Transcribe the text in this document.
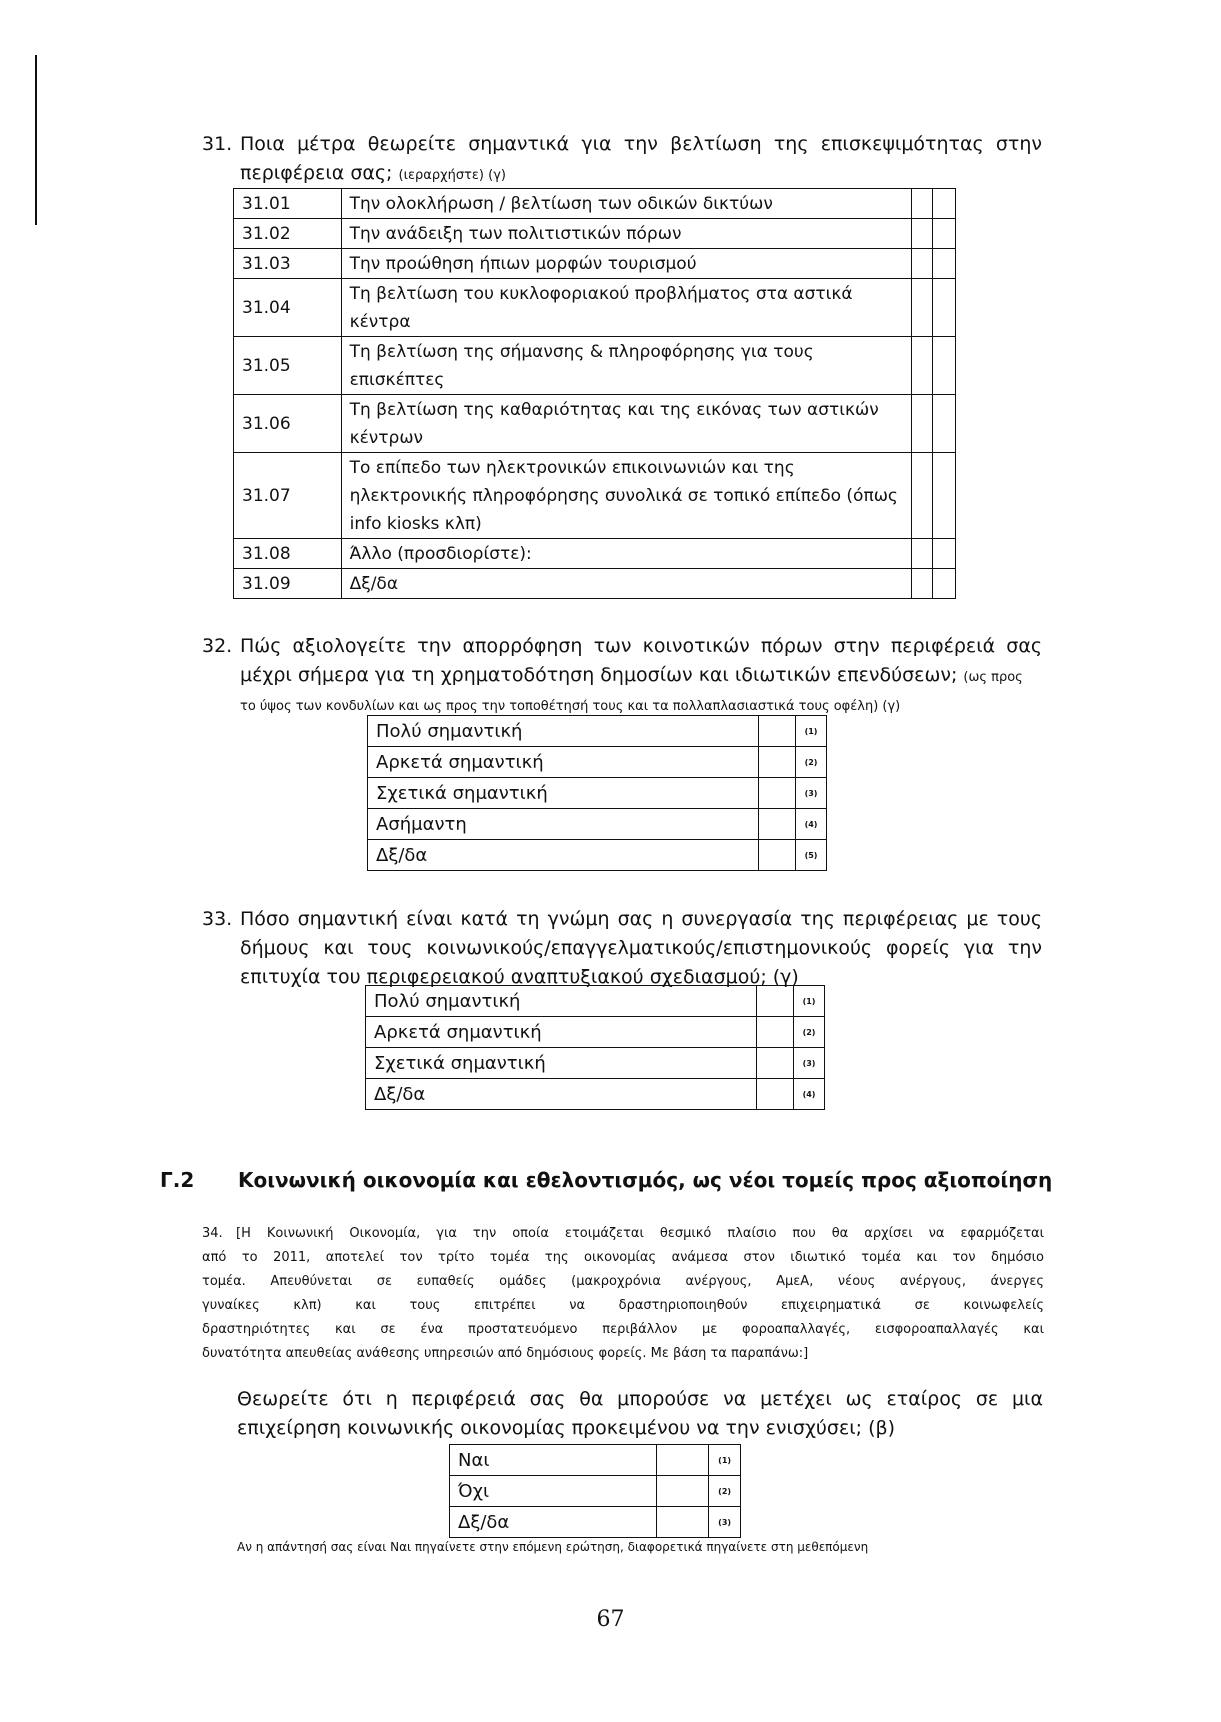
31. Ποια μέτρα θεωρείτε σημαντικά για την βελτίωση της επισκεψιμότητας στην
περιφέρεια σας; (ιεραρχήστε) (γ)
31.01	Την ολοκλήρωση / βελτίωση των οδικών δικτύων		
31.02	Την ανάδειξη των πολιτιστικών πόρων		
31.03	Την προώθηση ήπιων μορφών τουρισμού		
31.04	Τη βελτίωση του κυκλοφοριακού προβλήματος στα αστικά κέντρα		
31.05	Τη βελτίωση της σήμανσης & πληροφόρησης για τους επισκέπτες		
31.06	Τη βελτίωση της καθαριότητας και της εικόνας των αστικών κέντρων		
31.07	Το επίπεδο των ηλεκτρονικών επικοινωνιών και της ηλεκτρονικής πληροφόρησης συνολικά σε τοπικό επίπεδο (όπως info kiosks κλπ)		
31.08	Άλλο (προσδιορίστε):		
31.09	Δξ/δα		
32. Πώς αξιολογείτε την απορρόφηση των κοινοτικών πόρων στην περιφέρειά σας
μέχρι σήμερα για τη χρηματοδότηση δημοσίων και ιδιωτικών επενδύσεων; (ως προς
το ύψος των κονδυλίων και ως προς την τοποθέτησή τους και τα πολλαπλασιαστικά τους οφέλη) (γ)
Πολύ σημαντική		(1)
Αρκετά σημαντική		(2)
Σχετικά σημαντική		(3)
Ασήμαντη		(4)
Δξ/δα		(5)
33. Πόσο σημαντική είναι κατά τη γνώμη σας η συνεργασία της περιφέρειας με τους
δήμους και τους κοινωνικούς/επαγγελματικούς/επιστημονικούς φορείς για την
επιτυχία του περιφερειακού αναπτυξιακού σχεδιασμού; (γ)
Πολύ σημαντική		(1)
Αρκετά σημαντική		(2)
Σχετικά σημαντική		(3)
Δξ/δα		(4)
Γ.2 Κοινωνική οικονομία και εθελοντισμός, ως νέοι τομείς προς αξιοποίηση
34.	[Η Κοινωνική Οικονομία, για την οποία ετοιμάζεται θεσμικό πλαίσιο που θα αρχίσει να εφαρμόζεται
από το 2011, αποτελεί τον τρίτο τομέα της οικονομίας ανάμεσα στον ιδιωτικό τομέα και τον δημόσιο
τομέα. Απευθύνεται σε ευπαθείς ομάδες (μακροχρόνια ανέργους, ΑμεΑ, νέους ανέργους, άνεργες
γυναίκες κλπ) και τους επιτρέπει να δραστηριοποιηθούν επιχειρηματικά σε κοινωφελείς
δραστηριότητες και σε ένα προστατευόμενο περιβάλλον με φοροαπαλλαγές, εισφοροαπαλλαγές και
δυνατότητα απευθείας ανάθεσης υπηρεσιών από δημόσιους φορείς. Με βάση τα παραπάνω:]
Θεωρείτε ότι η περιφέρειά σας θα μπορούσε να μετέχει ως εταίρος σε μια
επιχείρηση κοινωνικής οικονομίας προκειμένου να την ενισχύσει; (β)
Ναι		(1)
Όχι		(2)
Δξ/δα		(3)
Αν η απάντησή σας είναι Ναι πηγαίνετε στην επόμενη ερώτηση, διαφορετικά πηγαίνετε στη μεθεπόμενη
67
